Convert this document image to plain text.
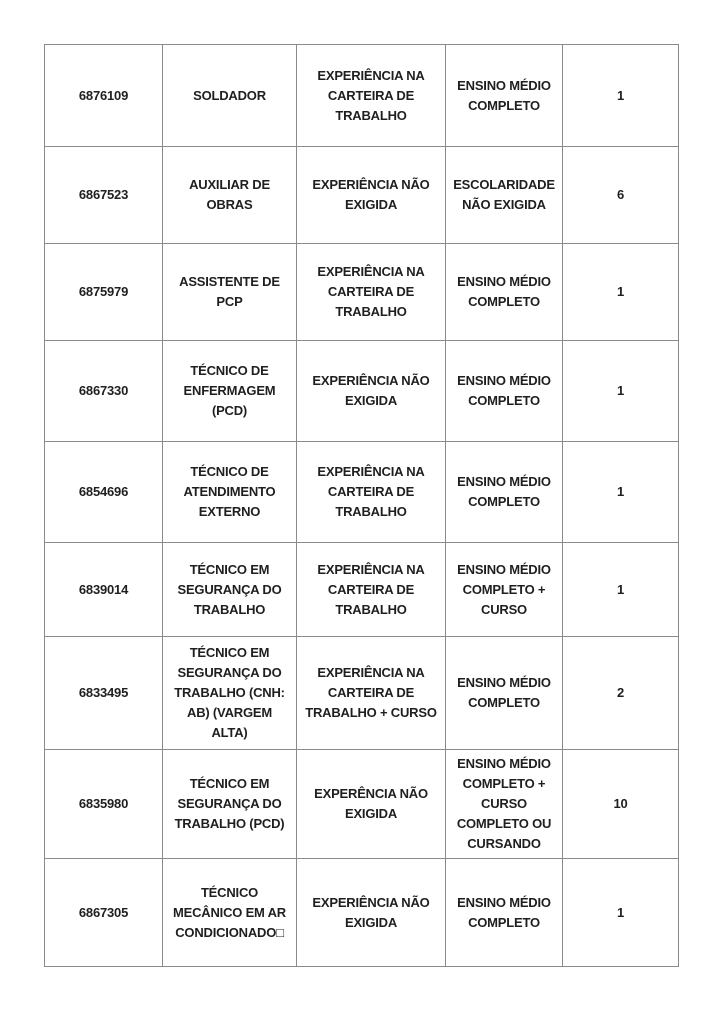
6876109	SOLDADOR	EXPERIÊNCIA NA CARTEIRA DE TRABALHO	ENSINO MÉDIO COMPLETO	1
6867523	AUXILIAR DE OBRAS	EXPERIÊNCIA NÃO EXIGIDA	ESCOLARIDADE NÃO EXIGIDA	6
6875979	ASSISTENTE DE PCP	EXPERIÊNCIA NA CARTEIRA DE TRABALHO	ENSINO MÉDIO COMPLETO	1
6867330	TÉCNICO DE ENFERMAGEM (PCD)	EXPERIÊNCIA NÃO EXIGIDA	ENSINO MÉDIO COMPLETO	1
6854696	TÉCNICO DE ATENDIMENTO EXTERNO	EXPERIÊNCIA NA CARTEIRA DE TRABALHO	ENSINO MÉDIO COMPLETO	1
6839014	TÉCNICO EM SEGURANÇA DO TRABALHO	EXPERIÊNCIA NA CARTEIRA DE TRABALHO	ENSINO MÉDIO COMPLETO + CURSO	1
6833495	TÉCNICO EM SEGURANÇA DO TRABALHO (CNH: AB) (VARGEM ALTA)	EXPERIÊNCIA NA CARTEIRA DE TRABALHO + CURSO	ENSINO MÉDIO COMPLETO	2
6835980	TÉCNICO EM SEGURANÇA DO TRABALHO (PCD)	EXPERÊNCIA NÃO EXIGIDA	ENSINO MÉDIO COMPLETO + CURSO COMPLETO OU CURSANDO	10
6867305	TÉCNICO MECÂNICO EM AR CONDICIONADO□	EXPERIÊNCIA NÃO EXIGIDA	ENSINO MÉDIO COMPLETO	1
